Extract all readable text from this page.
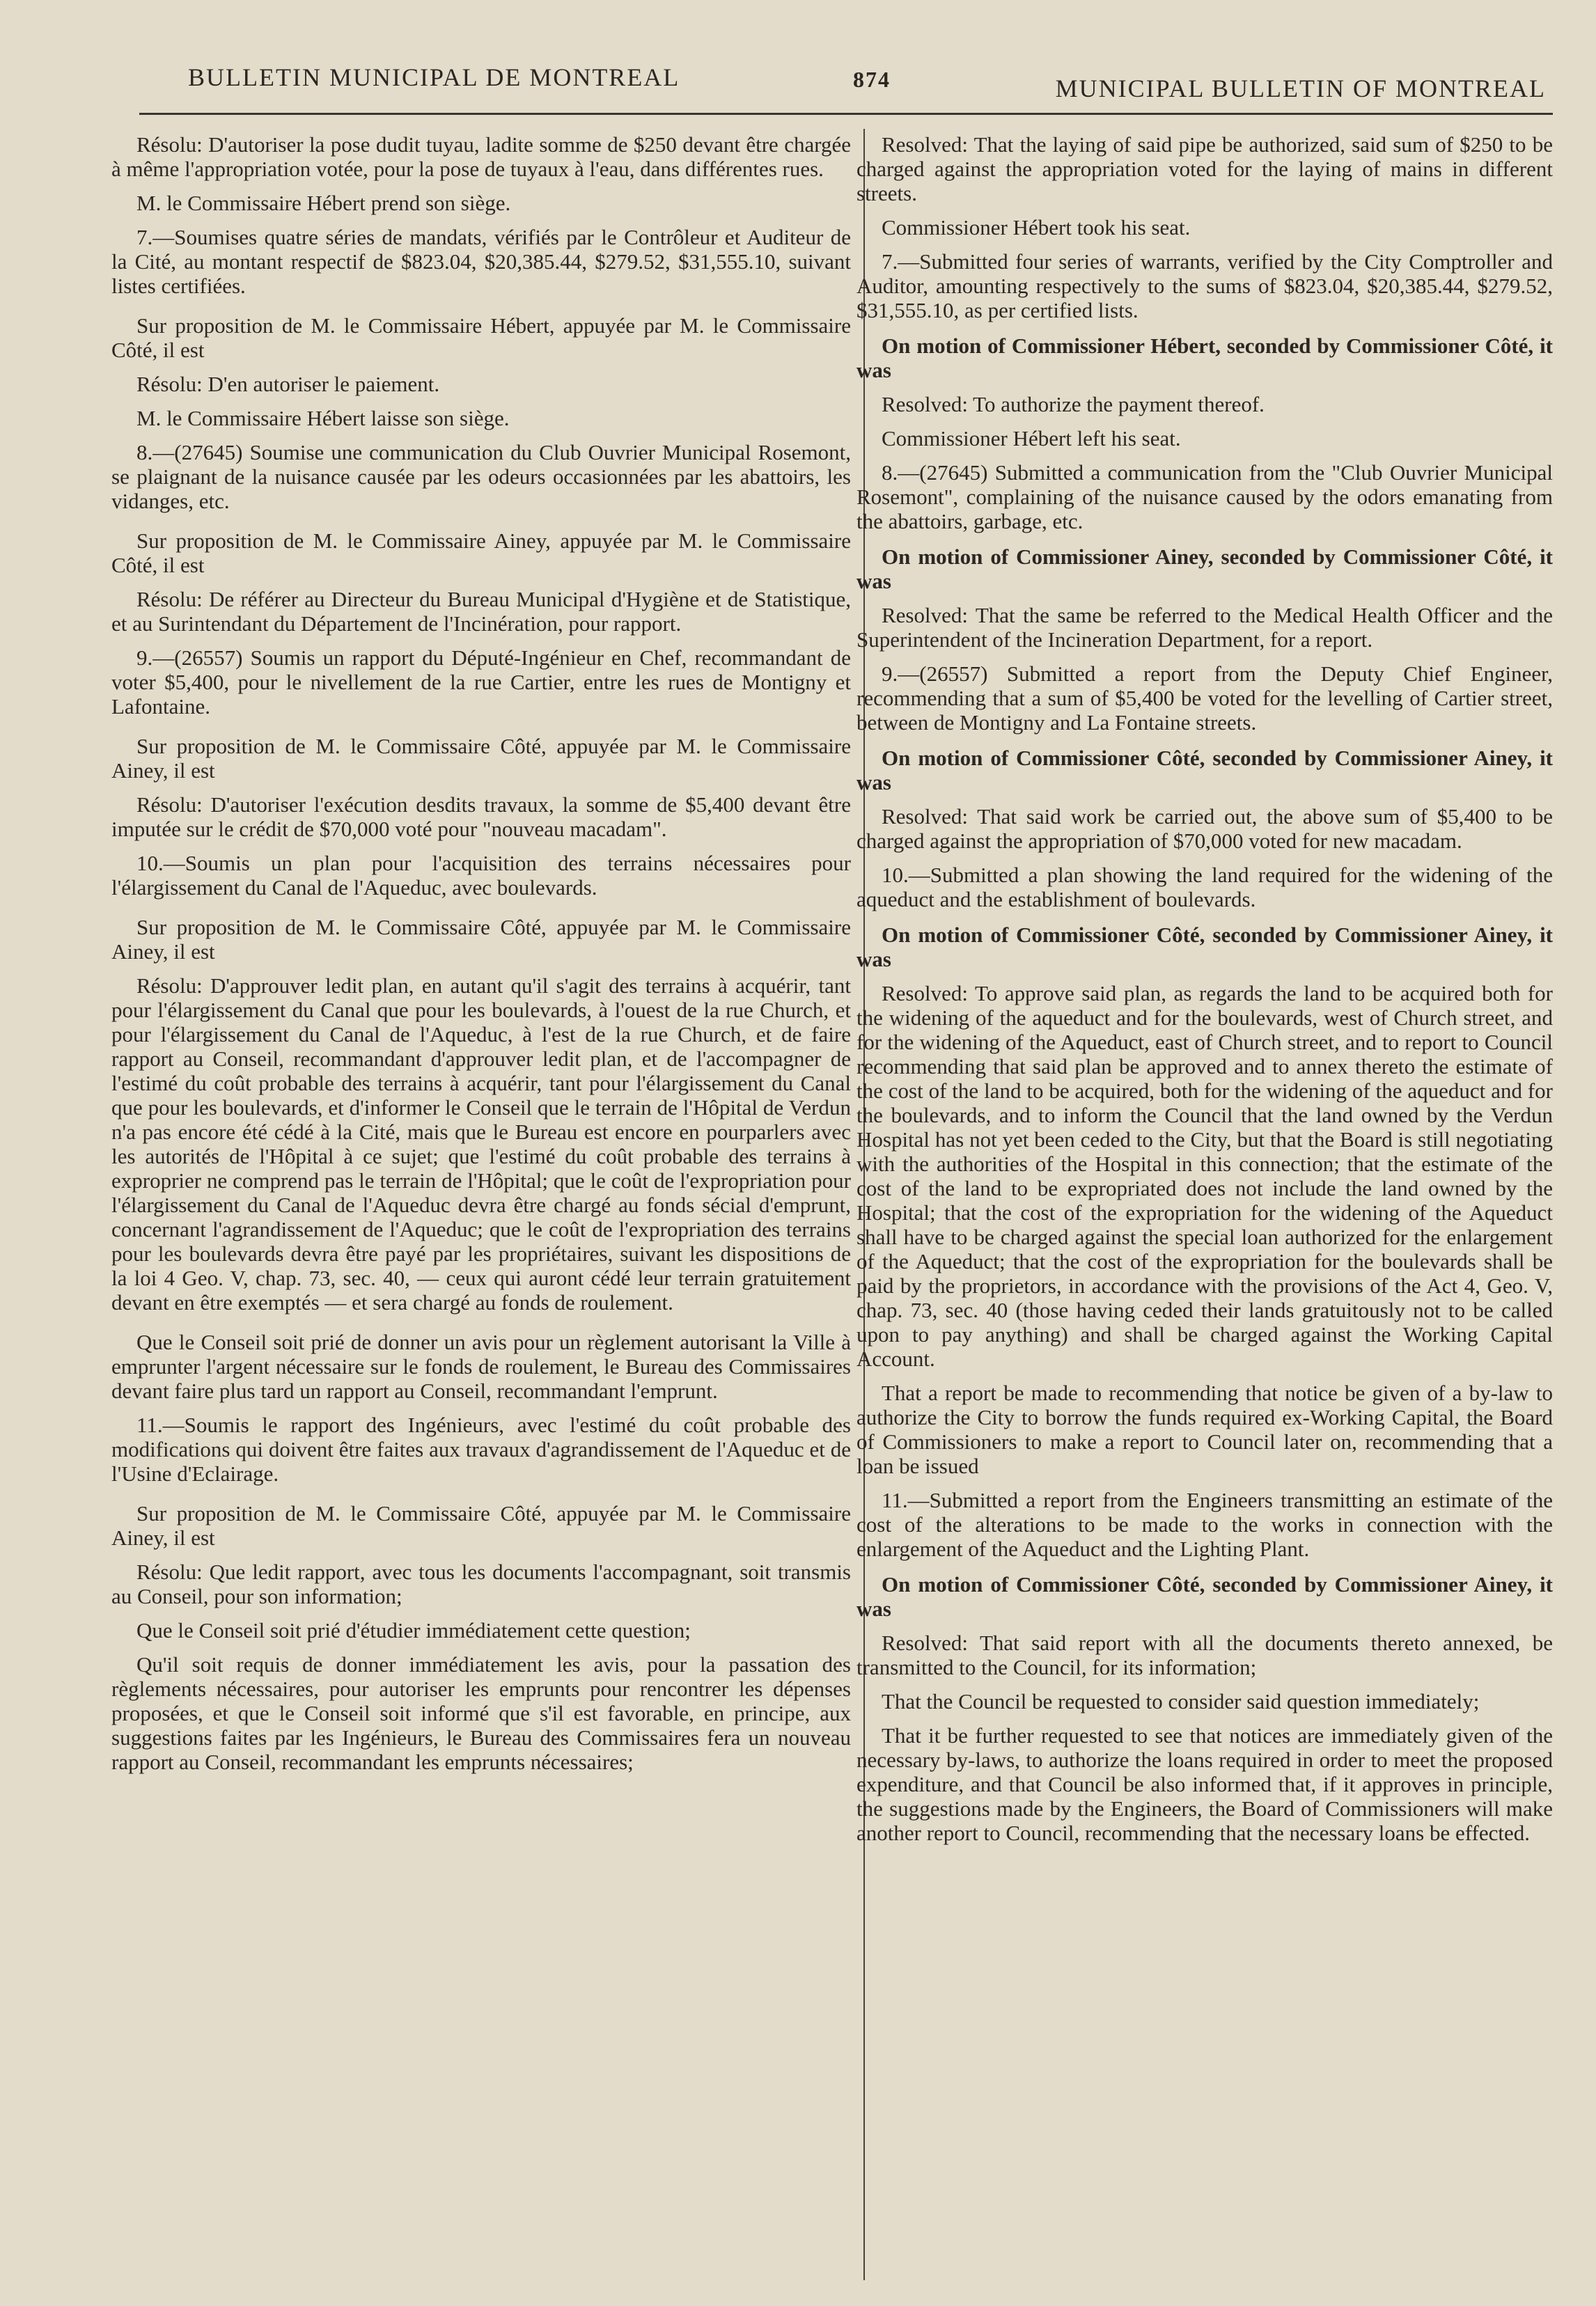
BULLETIN MUNICIPAL DE MONTREAL	874	MUNICIPAL BULLETIN OF MONTREAL

Résolu: D'autoriser la pose dudit tuyau, ladite somme de $250 devant être chargée à même l'appropriation votée, pour la pose de tuyaux à l'eau, dans différentes rues.

M. le Commissaire Hébert prend son siège.

7.—Soumises quatre séries de mandats, vérifiés par le Contrôleur et Auditeur de la Cité, au montant respectif de $823.04, $20,385.44, $279.52, $31,555.10, suivant listes certifiées.

Sur proposition de M. le Commissaire Hébert, appuyée par M. le Commissaire Côté, il est

Résolu: D'en autoriser le paiement.

M. le Commissaire Hébert laisse son siège.

8.—(27645) Soumise une communication du Club Ouvrier Municipal Rosemont, se plaignant de la nuisance causée par les odeurs occasionnées par les abattoirs, les vidanges, etc.

Sur proposition de M. le Commissaire Ainey, appuyée par M. le Commissaire Côté, il est

Résolu: De référer au Directeur du Bureau Municipal d'Hygiène et de Statistique, et au Surintendant du Département de l'Incinération, pour rapport.

9.—(26557) Soumis un rapport du Député-Ingénieur en Chef, recommandant de voter $5,400, pour le nivellement de la rue Cartier, entre les rues de Montigny et Lafontaine.

Sur proposition de M. le Commissaire Côté, appuyée par M. le Commissaire Ainey, il est

Résolu: D'autoriser l'exécution desdits travaux, la somme de $5,400 devant être imputée sur le crédit de $70,000 voté pour "nouveau macadam".

10.—Soumis un plan pour l'acquisition des terrains nécessaires pour l'élargissement du Canal de l'Aqueduc, avec boulevards.

Sur proposition de M. le Commissaire Côté, appuyée par M. le Commissaire Ainey, il est

Résolu: D'approuver ledit plan, en autant qu'il s'agit des terrains à acquérir, tant pour l'élargissement du Canal que pour les boulevards, à l'ouest de la rue Church, et pour l'élargissement du Canal de l'Aqueduc, à l'est de la rue Church, et de faire rapport au Conseil, recommandant d'approuver ledit plan, et de l'accompagner de l'estimé du coût probable des terrains à acquérir, tant pour l'élargissement du Canal que pour les boulevards, et d'informer le Conseil que le terrain de l'Hôpital de Verdun n'a pas encore été cédé à la Cité, mais que le Bureau est encore en pourparlers avec les autorités de l'Hôpital à ce sujet; que l'estimé du coût probable des terrains à exproprier ne comprend pas le terrain de l'Hôpital; que le coût de l'expropriation pour l'élargissement du Canal de l'Aqueduc devra être chargé au fonds sécial d'emprunt, concernant l'agrandissement de l'Aqueduc; que le coût de l'expropriation des terrains pour les boulevards devra être payé par les propriétaires, suivant les dispositions de la loi 4 Geo. V, chap. 73, sec. 40, — ceux qui auront cédé leur terrain gratuitement devant en être exemptés — et sera chargé au fonds de roulement.

Que le Conseil soit prié de donner un avis pour un règlement autorisant la Ville à emprunter l'argent nécessaire sur le fonds de roulement, le Bureau des Commissaires devant faire plus tard un rapport au Conseil, recommandant l'emprunt.

11.—Soumis le rapport des Ingénieurs, avec l'estimé du coût probable des modifications qui doivent être faites aux travaux d'agrandissement de l'Aqueduc et de l'Usine d'Eclairage.

Sur proposition de M. le Commissaire Côté, appuyée par M. le Commissaire Ainey, il est

Résolu: Que ledit rapport, avec tous les documents l'accompagnant, soit transmis au Conseil, pour son information;

Que le Conseil soit prié d'étudier immédiatement cette question;

Qu'il soit requis de donner immédiatement les avis, pour la passation des règlements nécessaires, pour autoriser les emprunts pour rencontrer les dépenses proposées, et que le Conseil soit informé que s'il est favorable, en principe, aux suggestions faites par les Ingénieurs, le Bureau des Commissaires fera un nouveau rapport au Conseil, recommandant les emprunts nécessaires;

Resolved: That the laying of said pipe be authorized, said sum of $250 to be charged against the appropriation voted for the laying of mains in different streets.

Commissioner Hébert took his seat.

7.—Submitted four series of warrants, verified by the City Comptroller and Auditor, amounting respectively to the sums of $823.04, $20,385.44, $279.52, $31,555.10, as per certified lists.

On motion of Commissioner Hébert, seconded by Commissioner Côté, it was

Resolved: To authorize the payment thereof.

Commissioner Hébert left his seat.

8.—(27645) Submitted a communication from the "Club Ouvrier Municipal Rosemont", complaining of the nuisance caused by the odors emanating from the abattoirs, garbage, etc.

On motion of Commissioner Ainey, seconded by Commissioner Côté, it was

Resolved: That the same be referred to the Medical Health Officer and the Superintendent of the Incineration Department, for a report.

9.—(26557) Submitted a report from the Deputy Chief Engineer, recommending that a sum of $5,400 be voted for the levelling of Cartier street, between de Montigny and La Fontaine streets.

On motion of Commissioner Côté, seconded by Commissioner Ainey, it was

Resolved: That said work be carried out, the above sum of $5,400 to be charged against the appropriation of $70,000 voted for new macadam.

10.—Submitted a plan showing the land required for the widening of the aqueduct and the establishment of boulevards.

On motion of Commissioner Côté, seconded by Commissioner Ainey, it was

Resolved: To approve said plan, as regards the land to be acquired both for the widening of the aqueduct and for the boulevards, west of Church street, and for the widening of the Aqueduct, east of Church street, and to report to Council recommending that said plan be approved and to annex thereto the estimate of the cost of the land to be acquired, both for the widening of the aqueduct and for the boulevards, and to inform the Council that the land owned by the Verdun Hospital has not yet been ceded to the City, but that the Board is still negotiating with the authorities of the Hospital in this connection; that the estimate of the cost of the land to be expropriated does not include the land owned by the Hospital; that the cost of the expropriation for the widening of the Aqueduct shall have to be charged against the special loan authorized for the enlargement of the Aqueduct; that the cost of the expropriation for the boulevards shall be paid by the proprietors, in accordance with the provisions of the Act 4, Geo. V, chap. 73, sec. 40 (those having ceded their lands gratuitously not to be called upon to pay anything) and shall be charged against the Working Capital Account.

That a report be made to recommending that notice be given of a by-law to authorize the City to borrow the funds required ex-Working Capital, the Board of Commissioners to make a report to Council later on, recommending that a loan be issued

11.—Submitted a report from the Engineers transmitting an estimate of the cost of the alterations to be made to the works in connection with the enlargement of the Aqueduct and the Lighting Plant.

On motion of Commissioner Côté, seconded by Commissioner Ainey, it was

Resolved: That said report with all the documents thereto annexed, be transmitted to the Council, for its information;

That the Council be requested to consider said question immediately;

That it be further requested to see that notices are immediately given of the necessary by-laws, to authorize the loans required in order to meet the proposed expenditure, and that Council be also informed that, if it approves in principle, the suggestions made by the Engineers, the Board of Commissioners will make another report to Council, recommending that the necessary loans be effected.
